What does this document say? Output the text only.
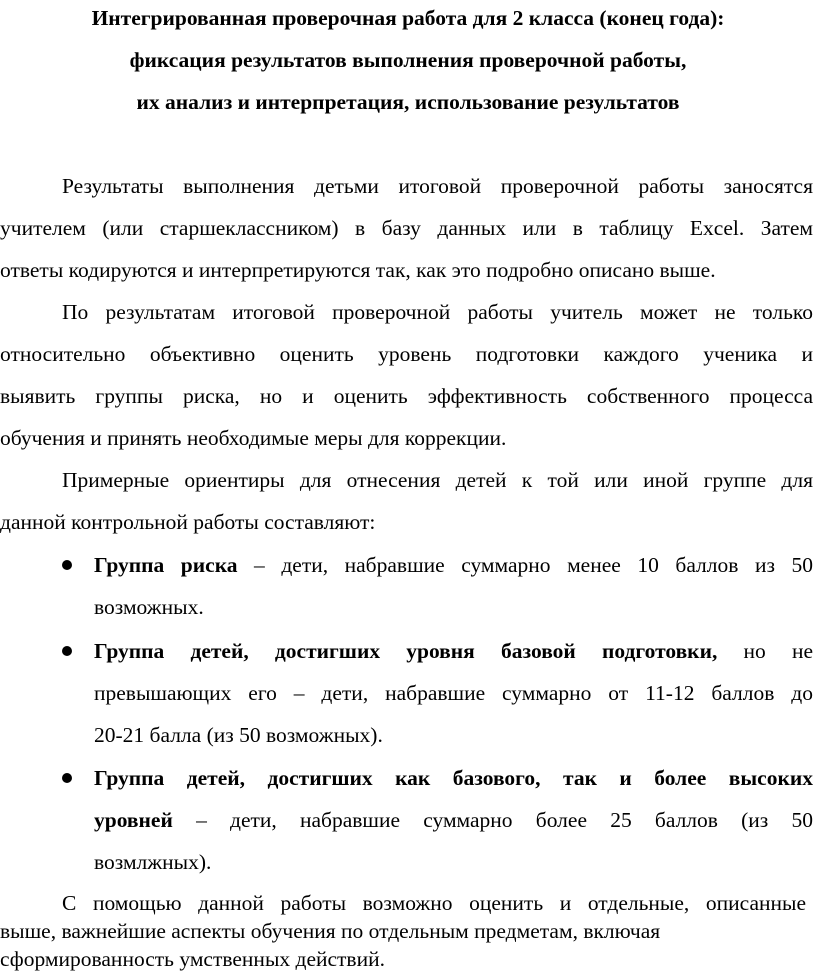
Интегрированная проверочная работа для 2 класса (конец года):
фиксация результатов выполнения проверочной работы,
их анализ и интерпретация, использование результатов
Результаты выполнения детьми итоговой проверочной работы заносятся
учителем (или старшеклассником) в базу данных или в таблицу Excel. Затем
ответы кодируются и интерпретируются так, как это подробно описано выше.
По результатам итоговой проверочной работы учитель может не только
относительно объективно оценить уровень подготовки каждого ученика и
выявить группы риска, но и оценить эффективность собственного процесса
обучения и принять необходимые меры для коррекции.
Примерные ориентиры для отнесения детей к той или иной группе для
данной контрольной работы составляют:
Группа риска – дети, набравшие суммарно менее 10 баллов из 50
возможных.
Группа детей, достигших уровня базовой подготовки, но не
превышающих его – дети, набравшие суммарно от 11-12 баллов до
20-21 балла (из 50 возможных).
Группа детей, достигших как базового, так и более высоких
уровней – дети, набравшие суммарно более 25 баллов (из 50
возмлжных).
С помощью данной работы возможно оценить и отдельные, описанные
выше, важнейшие аспекты обучения по отдельным предметам, включая
сформированность умственных действий.
